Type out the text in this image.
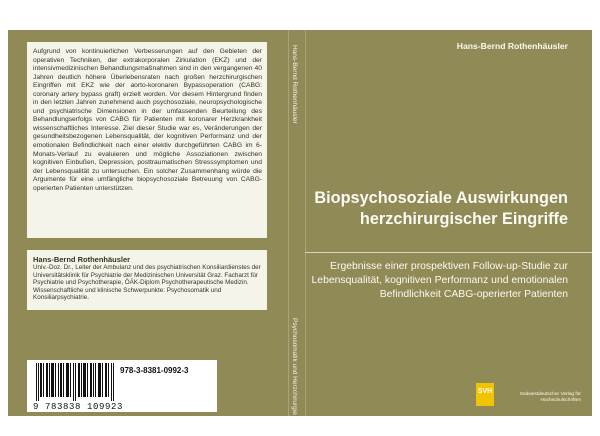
Aufgrund von kontinuierlichen Verbesserungen auf den Gebieten der operativen Techniken, der extrakorporalen Zirkulation (EKZ) und der intensivmedizinischen Behandlungsmaßnahmen sind in den vergangenen 40 Jahren deutlich höhere Überlebensraten nach großen herzchirurgischen Eingriffen mit EKZ wie der aorto-koronaren Bypassoperation (CABG: coronary artery bypass graft) erzielt worden. Vor diesem Hintergrund finden in den letzten Jahren zunehmend auch psychosoziale, neuropsychologische und psychiatrische Dimensionen in der umfassenden Beurteilung des Behandlungserfolgs von CABG für Patienten mit koronarer Herzkrankheit wissenschaftliches Interesse. Ziel dieser Studie war es, Veränderungen der gesundheitsbezogenen Lebensqualität, der kognitiven Performanz und der emotionalen Befindlichkeit nach einer elektiv durchgeführten CABG im 6-Monats-Verlauf zu evaluieren und mögliche Assoziationen zwischen kognitiven Einbußen, Depression, posttraumatischen Stresssymptomen und der Lebensqualität zu untersuchen. Ein solcher Zusammenhang würde die Argumente für eine umfängliche biopsychosoziale Betreuung von CABG- operierten Patienten unterstützen.

Hans-Bernd Rothenhäusler

Univ.-Doz. Dr., Leiter der Ambulanz und des psychiatrischen Konsiliardienstes der Universitätsklinik für Psychiatrie der Medizinischen Universität Graz. Facharzt für Psychiatrie und Psychotherapie, ÖÄK-Diplom Psychotherapeutische Medizin. Wissenschaftliche und klinische Schwerpunkte: Psychosomatik und Konsiliarpsychiatrie.

978-3-8381-0992-3
9 783838 109923
Hans-Bernd Rothenhäusler
Psychosomatik und Herzchirurgie
Hans-Bernd Rothenhäusler

Biopsychosoziale Auswirkungen herzchirurgischer Eingriffe

Ergebnisse einer prospektiven Follow-up-Studie zur Lebensqualität, kognitiven Performanz und emotionalen Befindlichkeit CABG-operierter Patienten

SVH	Südwestdeutscher Verlag für Hochschulschriften
